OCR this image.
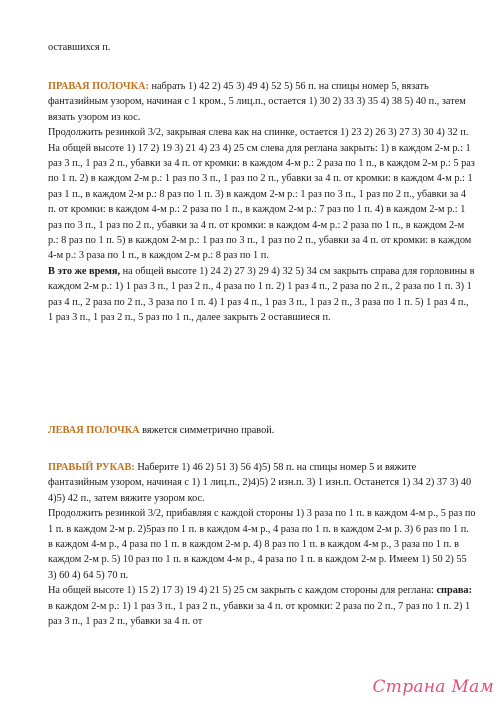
оставшихся п.

ПРАВАЯ ПОЛОЧКА: набрать 1) 42 2) 45 3) 49 4) 52 5) 56 п. на спицы номер 5, вязать фантазийным узором, начиная с 1 кром., 5 лиц.п., остается 1) 30 2) 33 3) 35 4) 38 5) 40 п., затем вязать узором из кос.

Продолжить резинкой 3/2, закрывая слева как на спинке, остается 1) 23 2) 26 3) 27 3) 30 4) 32 п.

На общей высоте 1) 17 2) 19 3) 21 4) 23 4) 25 см слева для реглана закрыть: 1) в каждом 2-м р.: 1 раз 3 п., 1 раз 2 п., убавки за 4 п. от кромки: в каждом 4-м р.: 2 раза по 1 п., в каждом 2-м р.: 5 раз по 1 п. 2) в каждом 2-м р.: 1 раз по 3 п., 1 раз по 2 п., убавки за 4 п. от кромки: в каждом 4-м р.: 1 раз 1 п., в каждом 2-м р.: 8 раз по 1 п. 3) в каждом 2-м р.: 1 раз по 3 п., 1 раз по 2 п., убавки за 4 п. от кромки: в каждом 4-м р.: 2 раза по 1 п., в каждом 2-м р.: 7 раз по 1 п. 4) в каждом 2-м р.: 1 раз по 3 п., 1 раз по 2 п., убавки за 4 п. от кромки: в каждом 4-м р.: 2 раза по 1 п., в каждом 2-м р.: 8 раз по 1 п. 5) в каждом 2-м р.: 1 раз по 3 п., 1 раз по 2 п., убавки за 4 п. от кромки: в каждом 4-м р.: 3 раза по 1 п., в каждом 2-м р.: 8 раз по 1 п.

В это же время, на общей высоте 1) 24 2) 27 3) 29 4) 32 5) 34 см закрыть справа для горловины в каждом 2-м р.: 1) 1 раз 3 п., 1 раз 2 п., 4 раза по 1 п. 2) 1 раз 4 п., 2 раза по 2 п., 2 раза по 1 п. 3) 1 раз 4 п., 2 раза по 2 п., 3 раза по 1 п. 4) 1 раз 4 п., 1 раз 3 п., 1 раз 2 п., 3 раза по 1 п. 5) 1 раз 4 п., 1 раз 3 п., 1 раз 2 п., 5 раз по 1 п., далее закрыть 2 оставшиеся п.

ЛЕВАЯ ПОЛОЧКА вяжется симметрично правой.

ПРАВЫЙ РУКАВ: Наберите 1) 46 2) 51 3) 56 4)5) 58 п. на спицы номер 5 и вяжите фантазийным узором, начиная с 1) 1 лиц.п., 2)4)5) 2 изн.п. 3) 1 изн.п. Останется 1) 34 2) 37 3) 40 4)5) 42 п., затем вяжите узором кос.

Продолжить резинкой 3/2, прибавляя с каждой стороны 1) 3 раза по 1 п. в каждом 4-м р., 5 раз по 1 п. в каждом 2-м р. 2)5раз по 1 п. в каждом 4-м р., 4 раза по 1 п. в каждом 2-м р. 3) 6 раз по 1 п. в каждом 4-м р., 4 раза по 1 п. в каждом 2-м р. 4) 8 раз по 1 п. в каждом 4-м р., 3 раза по 1 п. в каждом 2-м р. 5) 10 раз по 1 п. в каждом 4-м р., 4 раза по 1 п. в каждом 2-м р. Имеем 1) 50 2) 55 3) 60 4) 64 5) 70 п.

На общей высоте 1) 15 2) 17 3) 19 4) 21 5) 25 см закрыть с каждом стороны для реглана: справа: в каждом 2-м р.: 1) 1 раз 3 п., 1 раз 2 п., убавки за 4 п. от кромки: 2 раза по 2 п., 7 раз по 1 п. 2) 1 раз 3 п., 1 раз 2 п., убавки за 4 п. от

Страна Мам
